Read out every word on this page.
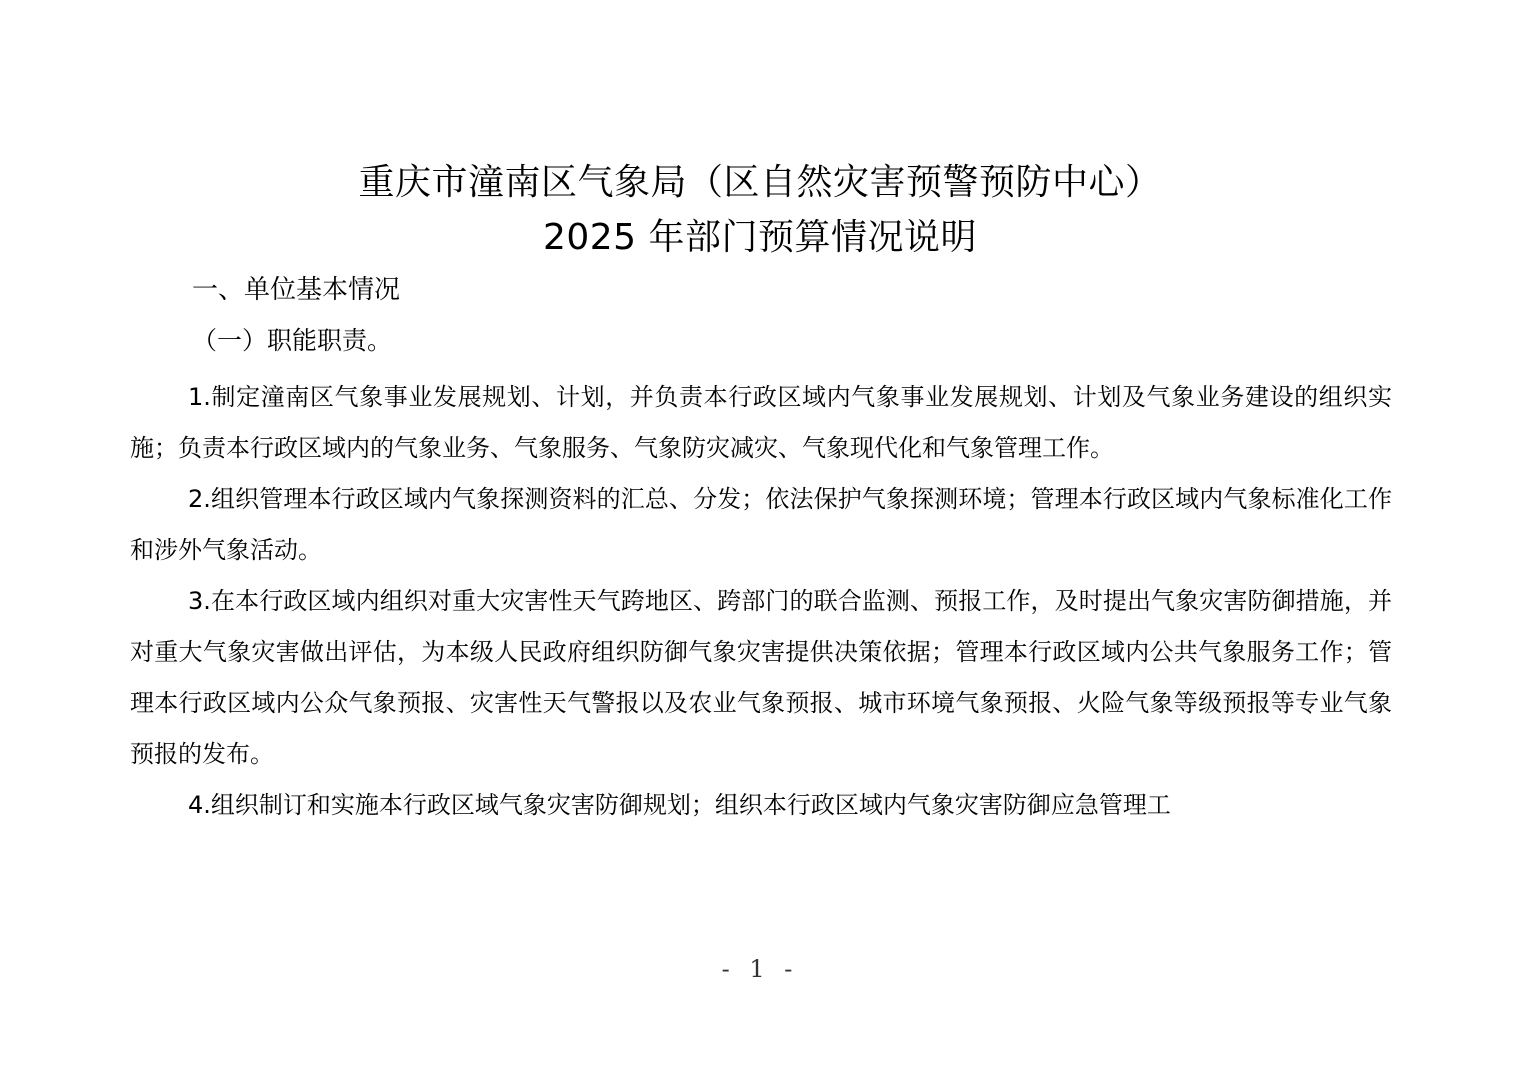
重庆市潼南区气象局（区自然灾害预警预防中心）
2025 年部门预算情况说明
一、单位基本情况
（一）职能职责。

1.制定潼南区气象事业发展规划、计划，并负责本行政区域内气象事业发展规划、计划及气象业务建设的组织实施；负责本行政区域内的气象业务、气象服务、气象防灾减灾、气象现代化和气象管理工作。

2.组织管理本行政区域内气象探测资料的汇总、分发；依法保护气象探测环境；管理本行政区域内气象标准化工作和涉外气象活动。

3.在本行政区域内组织对重大灾害性天气跨地区、跨部门的联合监测、预报工作，及时提出气象灾害防御措施，并对重大气象灾害做出评估，为本级人民政府组织防御气象灾害提供决策依据；管理本行政区域内公共气象服务工作；管理本行政区域内公众气象预报、灾害性天气警报以及农业气象预报、城市环境气象预报、火险气象等级预报等专业气象预报的发布。

4.组织制订和实施本行政区域气象灾害防御规划；组织本行政区域内气象灾害防御应急管理工

- 1 -
